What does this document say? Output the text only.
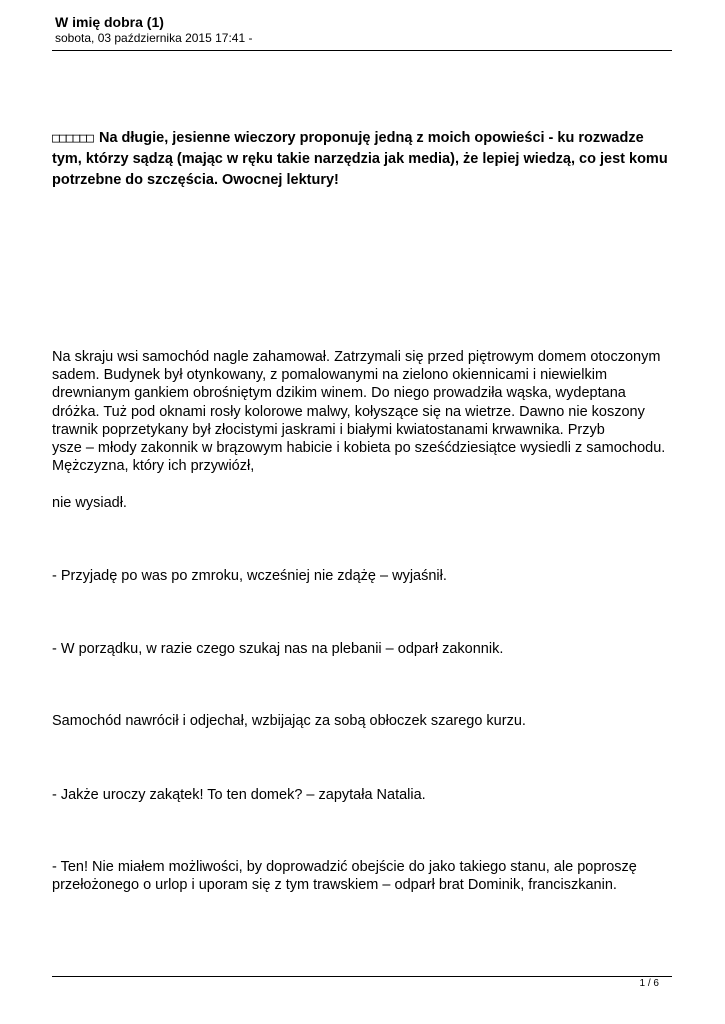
W imię dobra (1)
sobota, 03 października 2015 17:41 -
□□□□□□ Na długie, jesienne wieczory proponuję jedną z moich opowieści - ku rozwadze tym, którzy sądzą (mając w ręku takie narzędzia jak media), że lepiej wiedzą, co jest komu potrzebne do szczęścia. Owocnej lektury!

Na skraju wsi samochód nagle zahamował. Zatrzymali się przed piętrowym domem otoczonym
sadem. Budynek był otynkowany, z pomalowanymi na zielono okiennicami i niewielkim
drewnianym gankiem obrośniętym dzikim winem. Do niego prowadziła wąska, wydeptana
dróżka. Tuż pod oknami rosły kolorowe malwy, kołyszące się na wietrze. Dawno nie koszony
trawnik poprzetykany był złocistymi jaskrami i białymi kwiatostanami krwawnika. Przyb
ysze – młody zakonnik w brązowym habicie i kobieta po sześćdziesiątce wysiedli z samochodu.
Mężczyzna, który ich przywiózł,

nie wysiadł.

- Przyjadę po was po zmroku, wcześniej nie zdążę – wyjaśnił.

- W porządku, w razie czego szukaj nas na plebanii – odparł zakonnik.

Samochód nawrócił i odjechał, wzbijając za sobą obłoczek szarego kurzu.

- Jakże uroczy zakątek! To ten domek? – zapytała Natalia.

- Ten! Nie miałem możliwości, by doprowadzić obejście do jako takiego stanu, ale poproszę
przełożonego o urlop i uporam się z tym trawskiem – odparł brat Dominik, franciszkanin.

1 / 6
